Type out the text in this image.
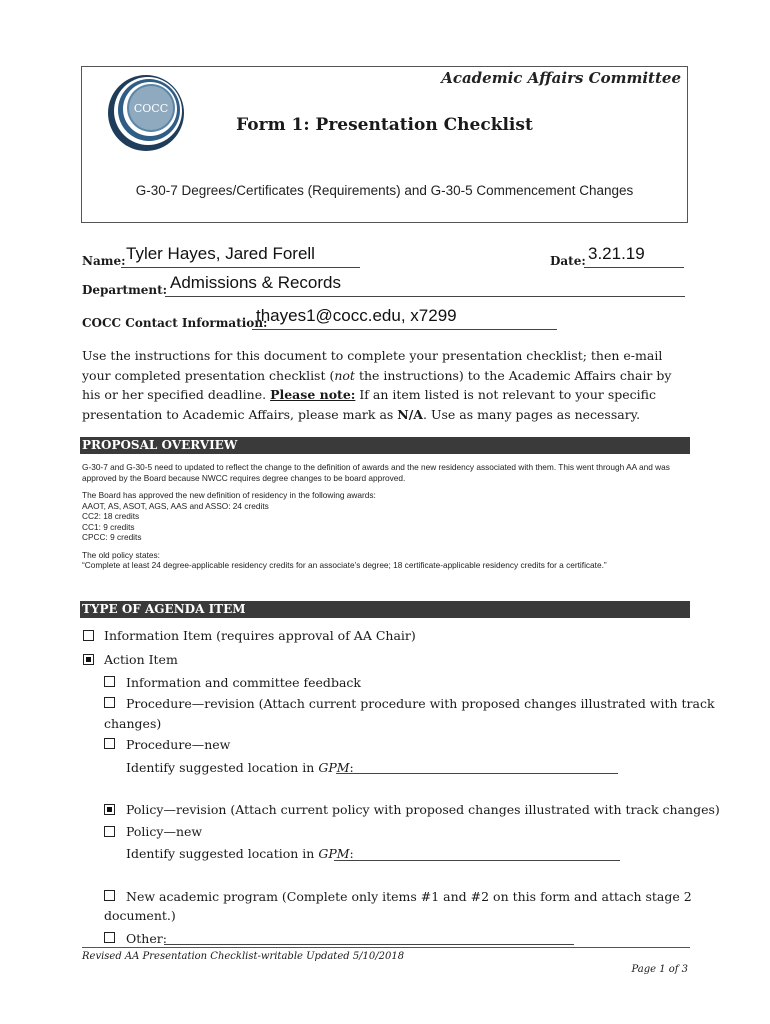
Academic Affairs Committee
COCC
Form 1: Presentation Checklist
G-30-7 Degrees/Certificates (Requirements) and G-30-5 Commencement Changes
Name: Tyler Hayes, Jared Forell	Date: 3.21.19
Department: Admissions & Records
COCC Contact Information:
thayes1@cocc.edu, x7299
Use the instructions for this document to complete your presentation checklist; then e-mail your completed presentation checklist (not the instructions) to the Academic Affairs chair by his or her specified deadline. Please note: If an item listed is not relevant to your specific presentation to Academic Affairs, please mark as N/A. Use as many pages as necessary.
PROPOSAL OVERVIEW

G-30-7 and G-30-5 need to updated to reflect the change to the definition of awards and the new residency associated with them. This went through AA and was approved by the Board because NWCC requires degree changes to be board approved.

The Board has approved the new definition of residency in the following awards:
AAOT, AS, ASOT, AGS, AAS and ASSO: 24 credits
CC2: 18 credits
CC1: 9 credits
CPCC: 9 credits

The old policy states:
“Complete at least 24 degree-applicable residency credits for an associate’s degree; 18 certificate-applicable residency credits for a certificate.”

TYPE OF AGENDA ITEM
Information Item (requires approval of AA Chair)
Action Item
Information and committee feedback
Procedure—revision (Attach current procedure with proposed changes illustrated with track
changes)
Procedure—new
Identify suggested location in GPM:
Policy—revision (Attach current policy with proposed changes illustrated with track changes)
Policy—new
Identify suggested location in GPM:
New academic program (Complete only items #1 and #2 on this form and attach stage 2
document.)
Other:
Revised AA Presentation Checklist-writable Updated 5/10/2018
Page 1 of 3
